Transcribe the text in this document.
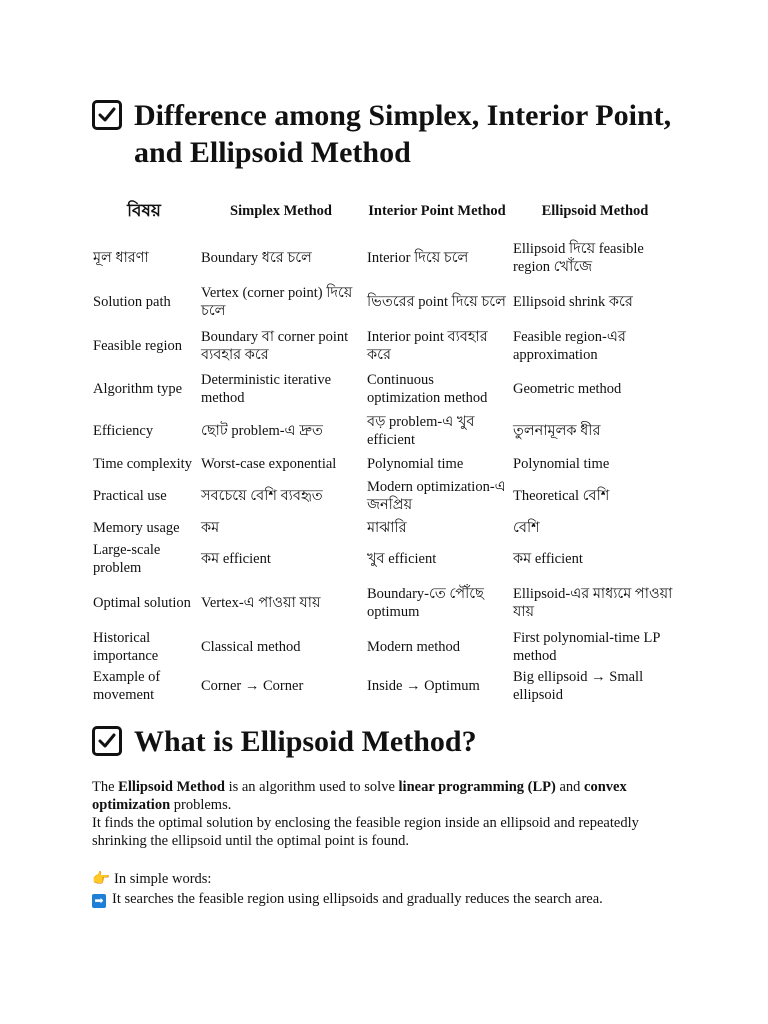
Difference among Simplex, Interior Point, and Ellipsoid Method
বিষয়	Simplex Method	Interior Point Method	Ellipsoid Method
মূল ধারণা	Boundary ধরে চলে	Interior দিয়ে চলে	Ellipsoid দিয়ে feasible region খোঁজে
Solution path	Vertex (corner point) দিয়ে চলে	ভিতরের point দিয়ে চলে	Ellipsoid shrink করে
Feasible region	Boundary বা corner point ব্যবহার করে	Interior point ব্যবহার করে	Feasible region-এর approximation
Algorithm type	Deterministic iterative method	Continuous optimization method	Geometric method
Efficiency	ছোট problem-এ দ্রুত	বড় problem-এ খুব efficient	তুলনামূলক ধীর
Time complexity	Worst-case exponential	Polynomial time	Polynomial time
Practical use	সবচেয়ে বেশি ব্যবহৃত	Modern optimization-এ জনপ্রিয়	Theoretical বেশি
Memory usage	কম	মাঝারি	বেশি
Large-scale problem	কম efficient	খুব efficient	কম efficient
Optimal solution	Vertex-এ পাওয়া যায়	Boundary-তে পৌঁছে optimum	Ellipsoid-এর মাধ্যমে পাওয়া যায়
Historical importance	Classical method	Modern method	First polynomial-time LP method
Example of movement	Corner → Corner	Inside → Optimum	Big ellipsoid → Small ellipsoid
What is Ellipsoid Method?
The Ellipsoid Method is an algorithm used to solve linear programming (LP) and convex optimization problems.
It finds the optimal solution by enclosing the feasible region inside an ellipsoid and repeatedly shrinking the ellipsoid until the optimal point is found.
👉 In simple words:
➡ It searches the feasible region using ellipsoids and gradually reduces the search area.
